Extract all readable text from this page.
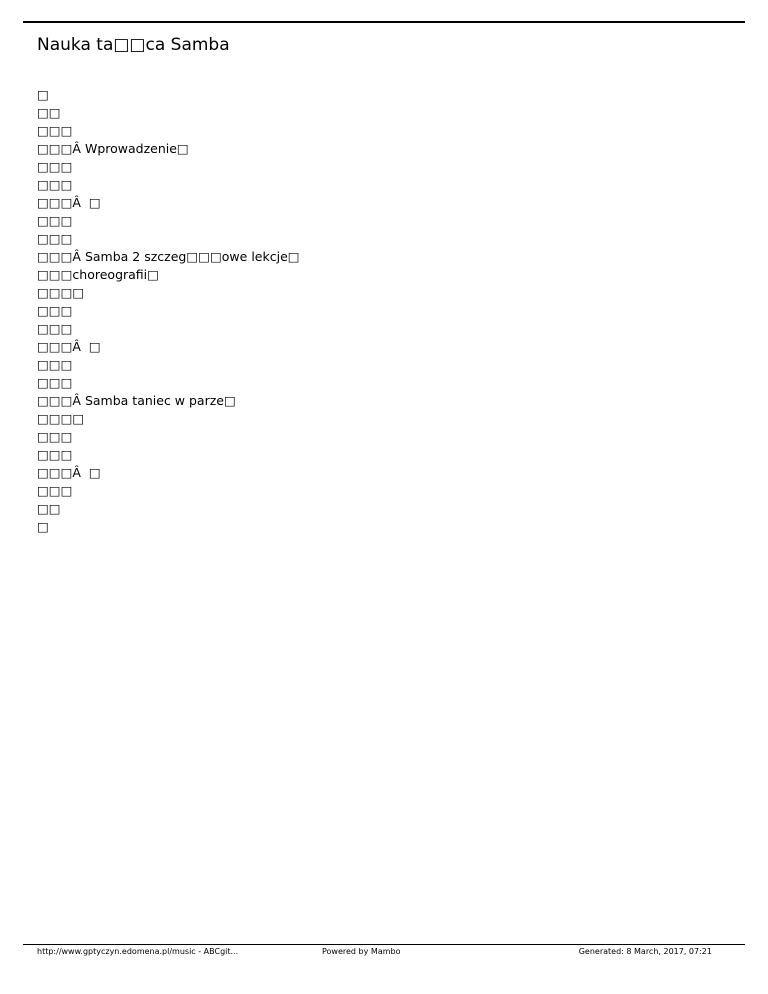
Nauka ta□□ca Samba
□
□□
□□□
□□□Â Wprowadzenie□
□□□
□□□
□□□Â  □
□□□
□□□
□□□Â Samba 2 szczeg□□□owe lekcje□
□□□choreografii□
□□□□
□□□
□□□
□□□Â  □
□□□
□□□
□□□Â Samba taniec w parze□
□□□□
□□□
□□□
□□□Â  □
□□□
□□
□
http://www.gptyczyn.edomena.pl/music - ABCgit...	Powered by Mambo	Generated: 8 March, 2017, 07:21
